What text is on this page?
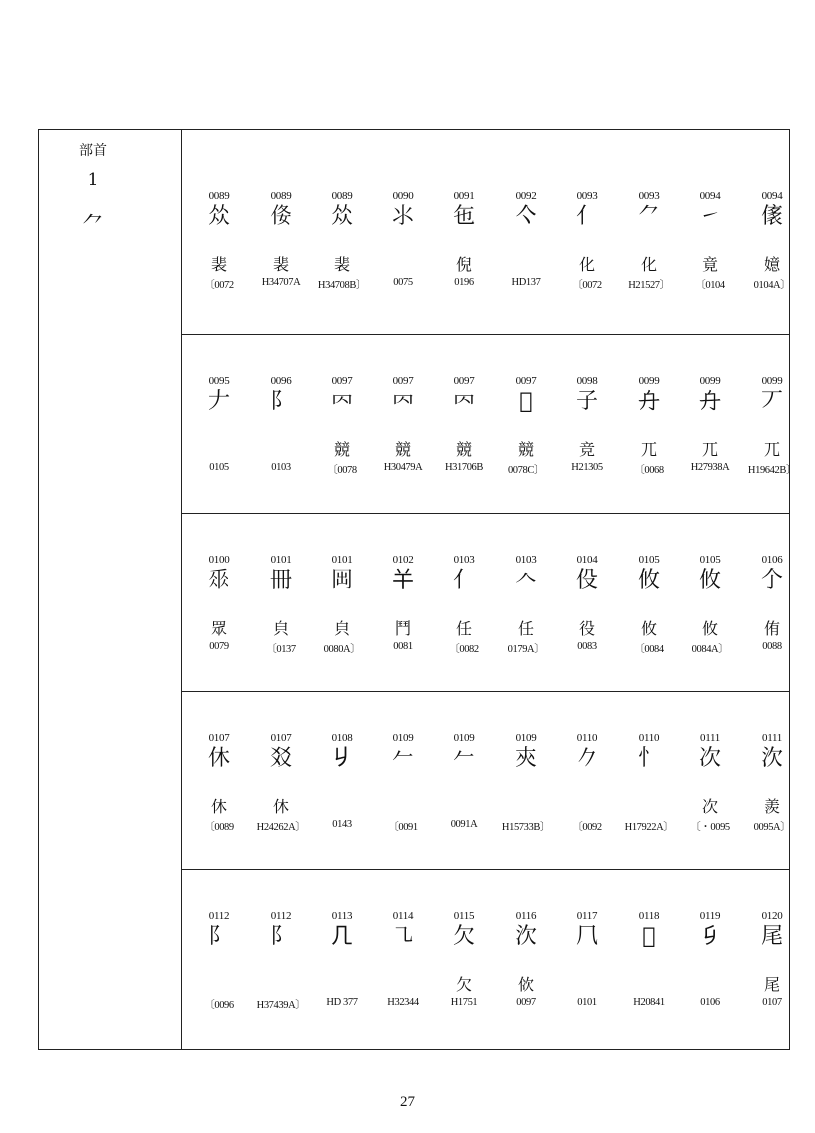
部首
1
⺈
0089
𠈌
裴
〔0072
0089
𠈍
裴
H34707A
0089
𠈌
裴
H34708B〕
0090
⺢
0075
0091
㐌
倪
0196
0092
亽
HD137
0093
⺅
化
〔0072
0093
⺈
化
H21527〕
0094
㇀
竟
〔0104
0094
㒅
嬑
0104A〕
0095
𠂇
0105
0096
阝
0103
0097
𠔿
競
〔0078
0097
𠔿
競
H30479A
0097
𠔿
競
H31706B
0097
𠕀
競
0078C〕
0098
子
竞
H21305
0099
𠔾
兀
〔0068
0099
𠔾
兀
H27938A
0099
丆
兀
H19642B〕
0100
𠂹
眾
0079
0101
冊
㒵
〔0137
0101
𠕐
㒵
0080A〕
0102
𢆉
鬥
0081
0103
亻
任
〔0082
0103
𠆢
任
0179A〕
0104
伇
役
0083
0105
攸
攸
〔0084
0105
攸
攸
0084A〕
0106
𠆤
侑
0088
0107
休
休
〔0089
0107
㸚
休
H24262A〕
0108
𠂈
0143
0109
𠂉
〔0091
0109
𠂉
0091A
0109
㚒
H15733B〕
0110
𠂊
〔0092
0110
忄
H17922A〕
0111
次
次
〔・0095
0111
㳄
羨
0095A〕
0112
阝
〔0096
0112
阝
H37439A〕
0113
𠘧
HD 377
0114
㇈
H32344
0115
欠
欠
H1751
0116
㳄
佽
0097
0117
𠘨
0101
0118
𠂋
H20841
0119
𠂎
0106
0120
尾
尾
0107
27
